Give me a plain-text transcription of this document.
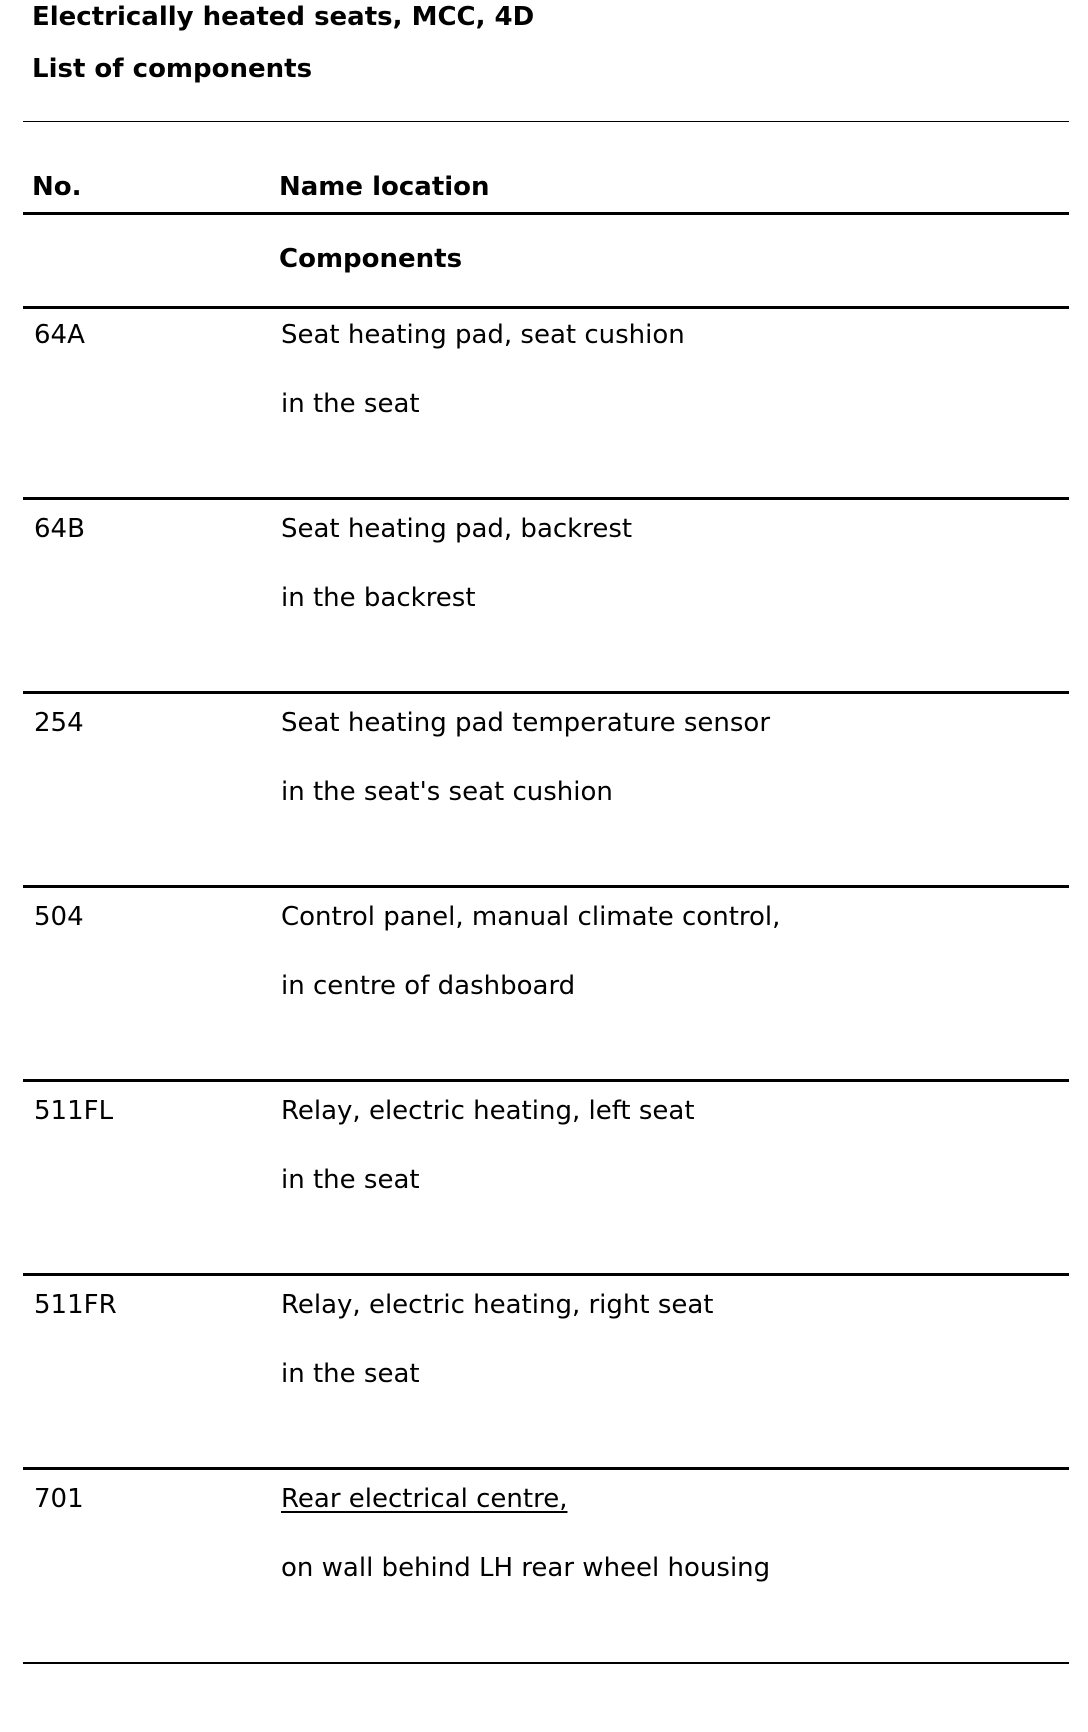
Electrically heated seats, MCC, 4D
List of components
No.	Name location
Components
64A	Seat heating pad, seat cushion
in the seat
64B	Seat heating pad, backrest
in the backrest
254	Seat heating pad temperature sensor
in the seat's seat cushion
504	Control panel, manual climate control,
in centre of dashboard
511FL	Relay, electric heating, left seat
in the seat
511FR	Relay, electric heating, right seat
in the seat
701	Rear electrical centre,
on wall behind LH rear wheel housing
